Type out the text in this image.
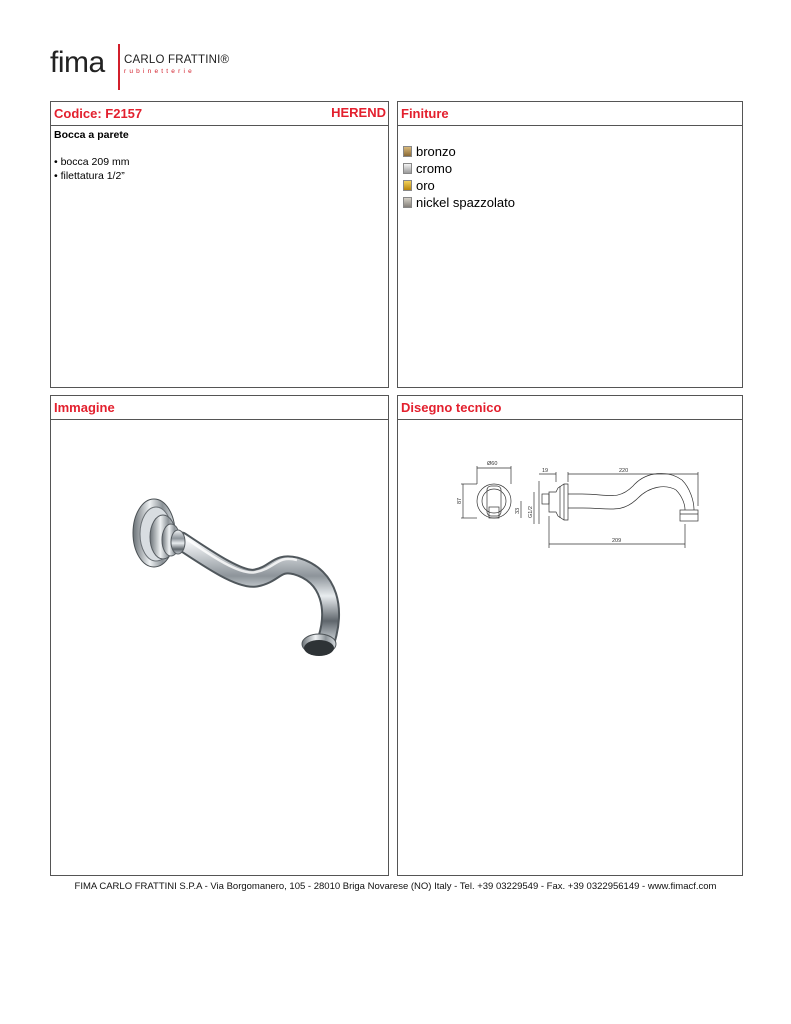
fima CARLO FRATTINI®
rubinetterie
Codice: F2157	HEREND
Bocca a parete
• bocca 209 mm
• filettatura 1/2”
Finiture
bronzo
cromo
oro
nickel spazzolato
Immagine	Disegno tecnico
Ø60
19	220
87
33 G1/2
209
FIMA CARLO FRATTINI S.P.A - Via Borgomanero, 105 - 28010 Briga Novarese (NO) Italy - Tel. +39 03229549 - Fax. +39 0322956149 - www.fimacf.com
